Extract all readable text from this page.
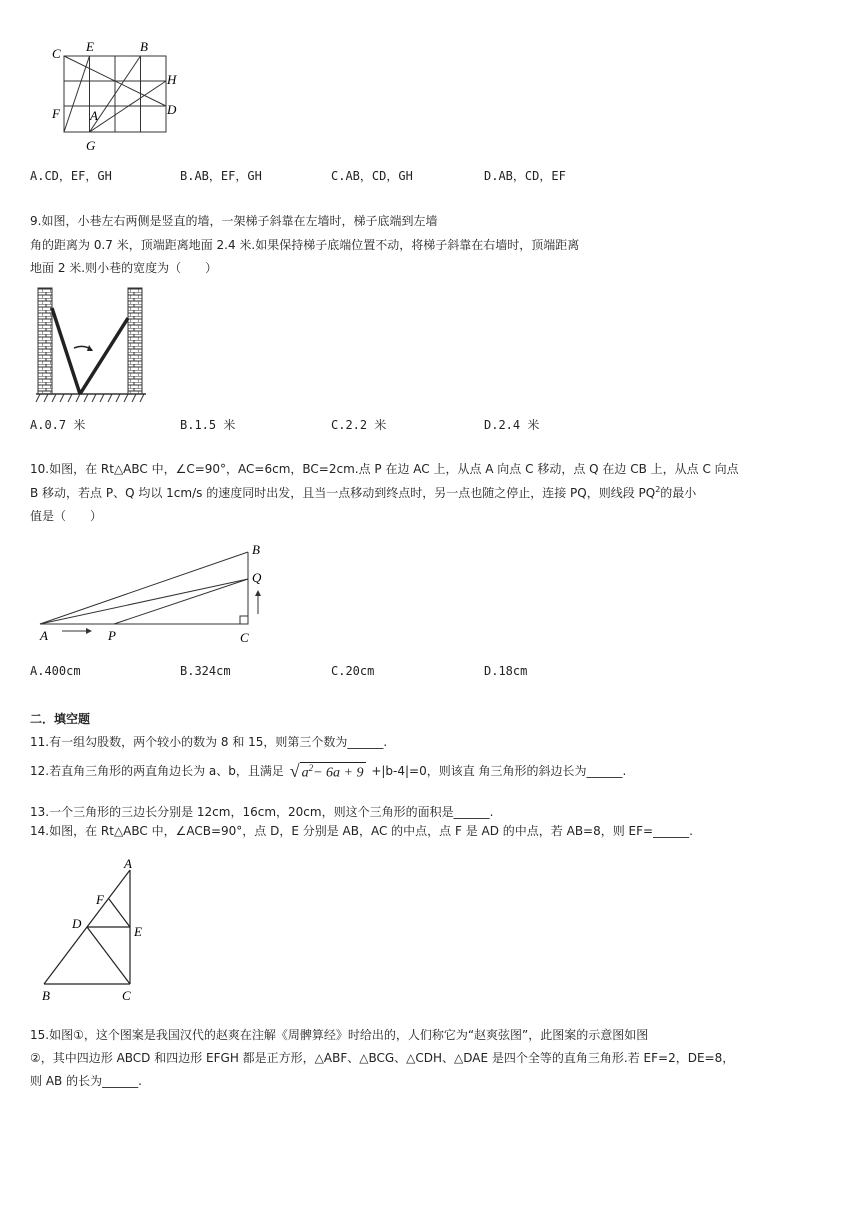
C E	B
H
F A	D
G
A.CD，EF，GH	B.AB，EF，GH	C.AB，CD，GH	D.AB，CD，EF
9.如图，小巷左右两侧是竖直的墙，一架梯子斜靠在左墙时，梯子底端到左墙
角的距离为 0.7 米，顶端距离地面 2.4 米.如果保持梯子底端位置不动，将梯子斜靠在右墙时，顶端距离
地面 2 米.则小巷的宽度为（　　）
A.0.7 米	B.1.5 米	C.2.2 米	D.2.4 米
10.如图，在 Rt△ABC 中，∠C=90°，AC=6cm，BC=2cm.点 P 在边 AC 上，从点 A 向点 C 移动，点 Q 在边 CB 上，从点 C 向点
B 移动，若点 P、Q 均以 1cm/s 的速度同时出发，且当一点移动到终点时，另一点也随之停止，连接 PQ，则线段 $PQ^2$的最小
值是（　　）
A	P	C
B
Q
A.400cm	B.324cm	C.20cm	D.18cm
二．填空题
11.有一组勾股数，两个较小的数为 8 和 15，则第三个数为______.
12.若直角三角形的两直角边长为 a、b，且满足 √ $a^2- 6a + 9 +|b-4|=0$，则该直 角三角形的斜边长为______.
13.一个三角形的三边长分别是 12cm，16cm，20cm，则这个三角形的面积是______.
14.如图，在 Rt△ABC 中，∠ACB=90°，点 D，E 分别是 AB，AC 的中点，点 F 是 AD 的中点，若 AB=8，则 EF=______.
A
F
D
E
B	C
15.如图①，这个图案是我国汉代的赵爽在注解《周髀算经》时给出的，人们称它为“赵爽弦图”，此图案的示意图如图
②，其中四边形 ABCD 和四边形 EFGH 都是正方形，△ABF、△BCG、△CDH、△DAE 是四个全等的直角三角形.若 EF=2，DE=8，
则 AB 的长为______.
